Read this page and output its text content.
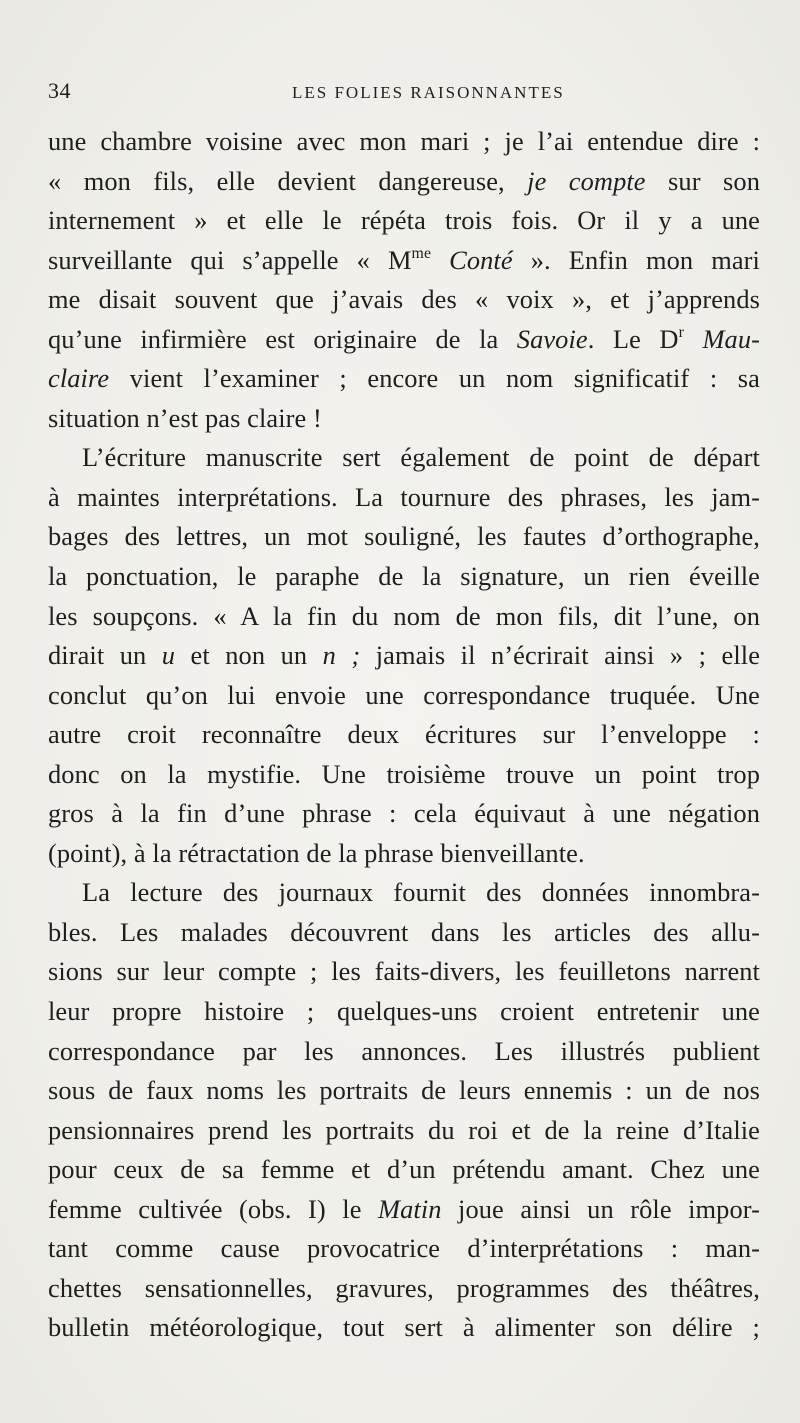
34	LES FOLIES RAISONNANTES
une chambre voisine avec mon mari ; je l’ai entendue dire :
« mon fils, elle devient dangereuse, je compte sur son
internement » et elle le répéta trois fois. Or il y a une
surveillante qui s’appelle « $M^{me}$ Conté ». Enfin mon mari
me disait souvent que j’avais des « voix », et j’apprends
qu’une infirmière est originaire de la Savoie. Le $D^r$ Mau-
claire vient l’examiner ; encore un nom significatif : sa
situation n’est pas claire !
L’écriture manuscrite sert également de point de départ
à maintes interprétations. La tournure des phrases, les jam-
bages des lettres, un mot souligné, les fautes d’orthographe,
la ponctuation, le paraphe de la signature, un rien éveille
les soupçons. « A la fin du nom de mon fils, dit l’une, on
dirait un u et non un n ; jamais il n’écrirait ainsi » ; elle
conclut qu’on lui envoie une correspondance truquée. Une
autre croit reconnaître deux écritures sur l’enveloppe :
donc on la mystifie. Une troisième trouve un point trop
gros à la fin d’une phrase : cela équivaut à une négation
(point), à la rétractation de la phrase bienveillante.
La lecture des journaux fournit des données innombra-
bles. Les malades découvrent dans les articles des allu-
sions sur leur compte ; les faits-divers, les feuilletons narrent
leur propre histoire ; quelques-uns croient entretenir une
correspondance par les annonces. Les illustrés publient
sous de faux noms les portraits de leurs ennemis : un de nos
pensionnaires prend les portraits du roi et de la reine d’Italie
pour ceux de sa femme et d’un prétendu amant. Chez une
femme cultivée (obs. I) le Matin joue ainsi un rôle impor-
tant comme cause provocatrice d’interprétations : man-
chettes sensationnelles, gravures, programmes des théâtres,
bulletin météorologique, tout sert à alimenter son délire ;
